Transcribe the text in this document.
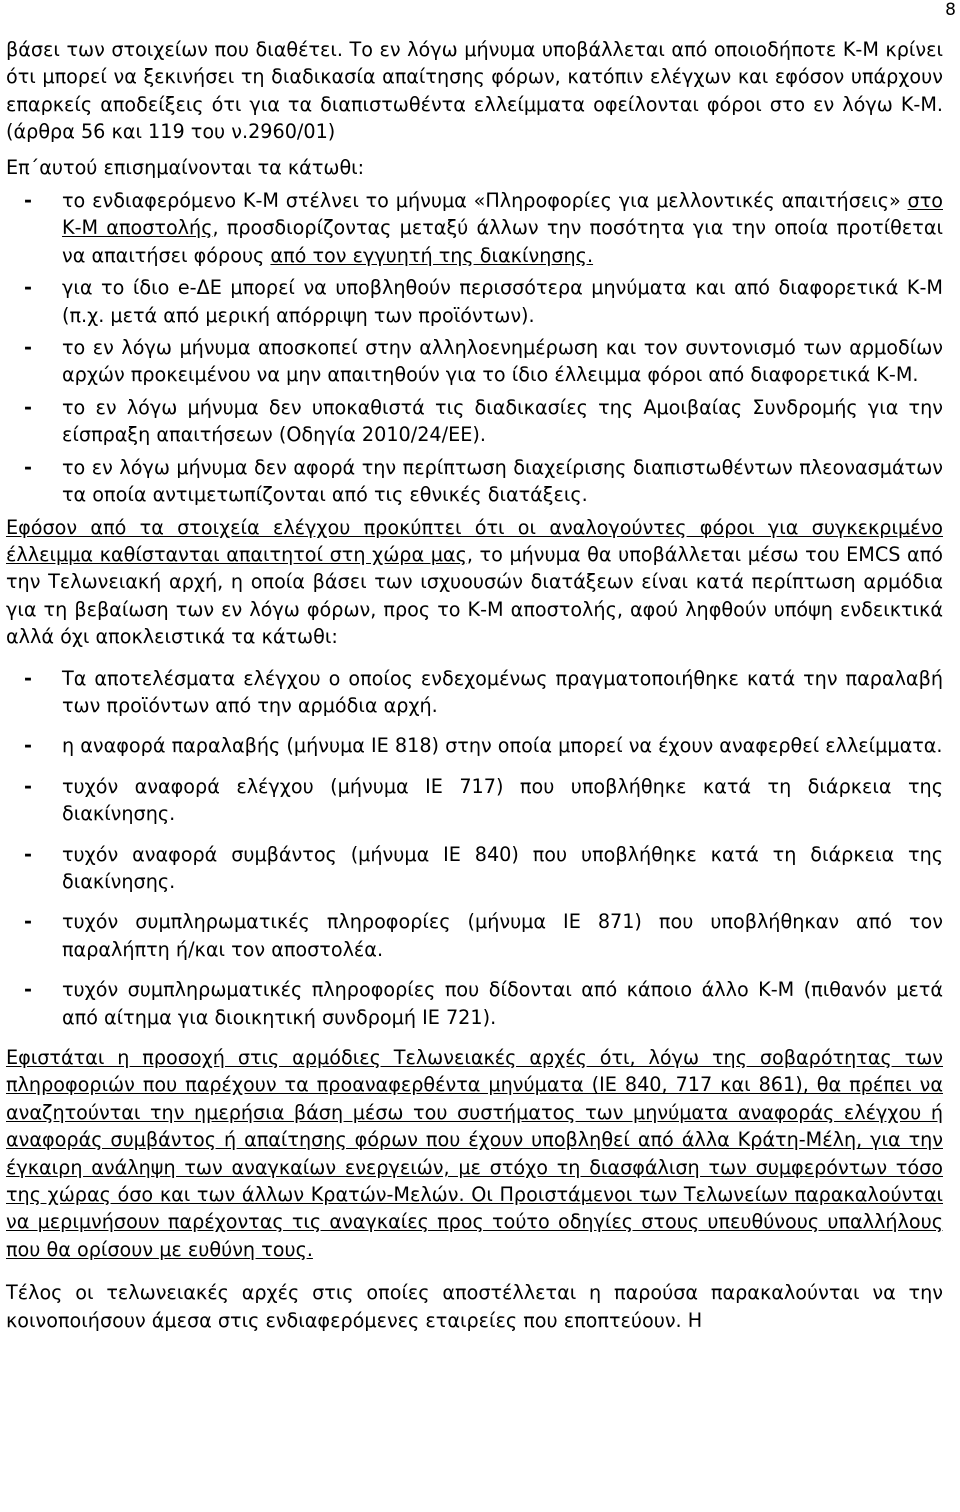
8

βάσει των στοιχείων που διαθέτει. Το εν λόγω μήνυμα υποβάλλεται από οποιοδήποτε Κ-Μ κρίνει ότι μπορεί να ξεκινήσει τη διαδικασία απαίτησης φόρων, κατόπιν ελέγχων και εφόσον υπάρχουν επαρκείς αποδείξεις ότι για τα διαπιστωθέντα ελλείμματα οφείλονται φόροι στο εν λόγω Κ-Μ. (άρθρα 56 και 119 του ν.2960/01)

Επ΄αυτού επισημαίνονται τα κάτωθι:

- το ενδιαφερόμενο Κ-Μ στέλνει το μήνυμα «Πληροφορίες για μελλοντικές απαιτήσεις» στο Κ-Μ αποστολής, προσδιορίζοντας μεταξύ άλλων την ποσότητα για την οποία προτίθεται να απαιτήσει φόρους από τον εγγυητή της διακίνησης.
- για το ίδιο e-ΔΕ μπορεί να υποβληθούν περισσότερα μηνύματα και από διαφορετικά Κ-Μ (π.χ. μετά από μερική απόρριψη των προϊόντων).
- το εν λόγω μήνυμα αποσκοπεί στην αλληλοενημέρωση και τον συντονισμό των αρμοδίων αρχών προκειμένου να μην απαιτηθούν για το ίδιο έλλειμμα φόροι από διαφορετικά Κ-Μ.
- το εν λόγω μήνυμα δεν υποκαθιστά τις διαδικασίες της Αμοιβαίας Συνδρομής για την είσπραξη απαιτήσεων (Οδηγία 2010/24/ΕΕ).
- το εν λόγω μήνυμα δεν αφορά την περίπτωση διαχείρισης διαπιστωθέντων πλεονασμάτων τα οποία αντιμετωπίζονται από τις εθνικές διατάξεις.

Εφόσον από τα στοιχεία ελέγχου προκύπτει ότι οι αναλογούντες φόροι για συγκεκριμένο έλλειμμα καθίστανται απαιτητοί στη χώρα μας, το μήνυμα θα υποβάλλεται μέσω του EMCS από την Τελωνειακή αρχή, η οποία βάσει των ισχυουσών διατάξεων είναι κατά περίπτωση αρμόδια για τη βεβαίωση των εν λόγω φόρων, προς το Κ-Μ αποστολής, αφού ληφθούν υπόψη ενδεικτικά αλλά όχι αποκλειστικά τα κάτωθι:

- Τα αποτελέσματα ελέγχου ο οποίος ενδεχομένως πραγματοποιήθηκε κατά την παραλαβή των προϊόντων από την αρμόδια αρχή.
- η αναφορά παραλαβής (μήνυμα IE 818) στην οποία μπορεί να έχουν αναφερθεί ελλείμματα.
- τυχόν αναφορά ελέγχου (μήνυμα IE 717) που υποβλήθηκε κατά τη διάρκεια της διακίνησης.
- τυχόν αναφορά συμβάντος (μήνυμα IE 840) που υποβλήθηκε κατά τη διάρκεια της διακίνησης.
- τυχόν συμπληρωματικές πληροφορίες (μήνυμα IE 871) που υποβλήθηκαν από τον παραλήπτη ή/και τον αποστολέα.
- τυχόν συμπληρωματικές πληροφορίες που δίδονται από κάποιο άλλο Κ-Μ (πιθανόν μετά από αίτημα για διοικητική συνδρομή IE 721).

Εφιστάται η προσοχή στις αρμόδιες Τελωνειακές αρχές ότι, λόγω της σοβαρότητας των πληροφοριών που παρέχουν τα προαναφερθέντα μηνύματα (IE 840, 717 και 861), θα πρέπει να αναζητούνται την ημερήσια βάση μέσω του συστήματος των μηνύματα αναφοράς ελέγχου ή αναφοράς συμβάντος ή απαίτησης φόρων που έχουν υποβληθεί από άλλα Κράτη-Μέλη, για την έγκαιρη ανάληψη των αναγκαίων ενεργειών, με στόχο τη διασφάλιση των συμφερόντων τόσο της χώρας όσο και των άλλων Κρατών-Μελών. Οι Προιστάμενοι των Τελωνείων παρακαλούνται να μεριμνήσουν παρέχοντας τις αναγκαίες προς τούτο οδηγίες στους υπευθύνους υπαλλήλους που θα ορίσουν με ευθύνη τους.

Τέλος οι τελωνειακές αρχές στις οποίες αποστέλλεται η παρούσα παρακαλούνται να την κοινοποιήσουν άμεσα στις ενδιαφερόμενες εταιρείες που εποπτεύουν. Η
